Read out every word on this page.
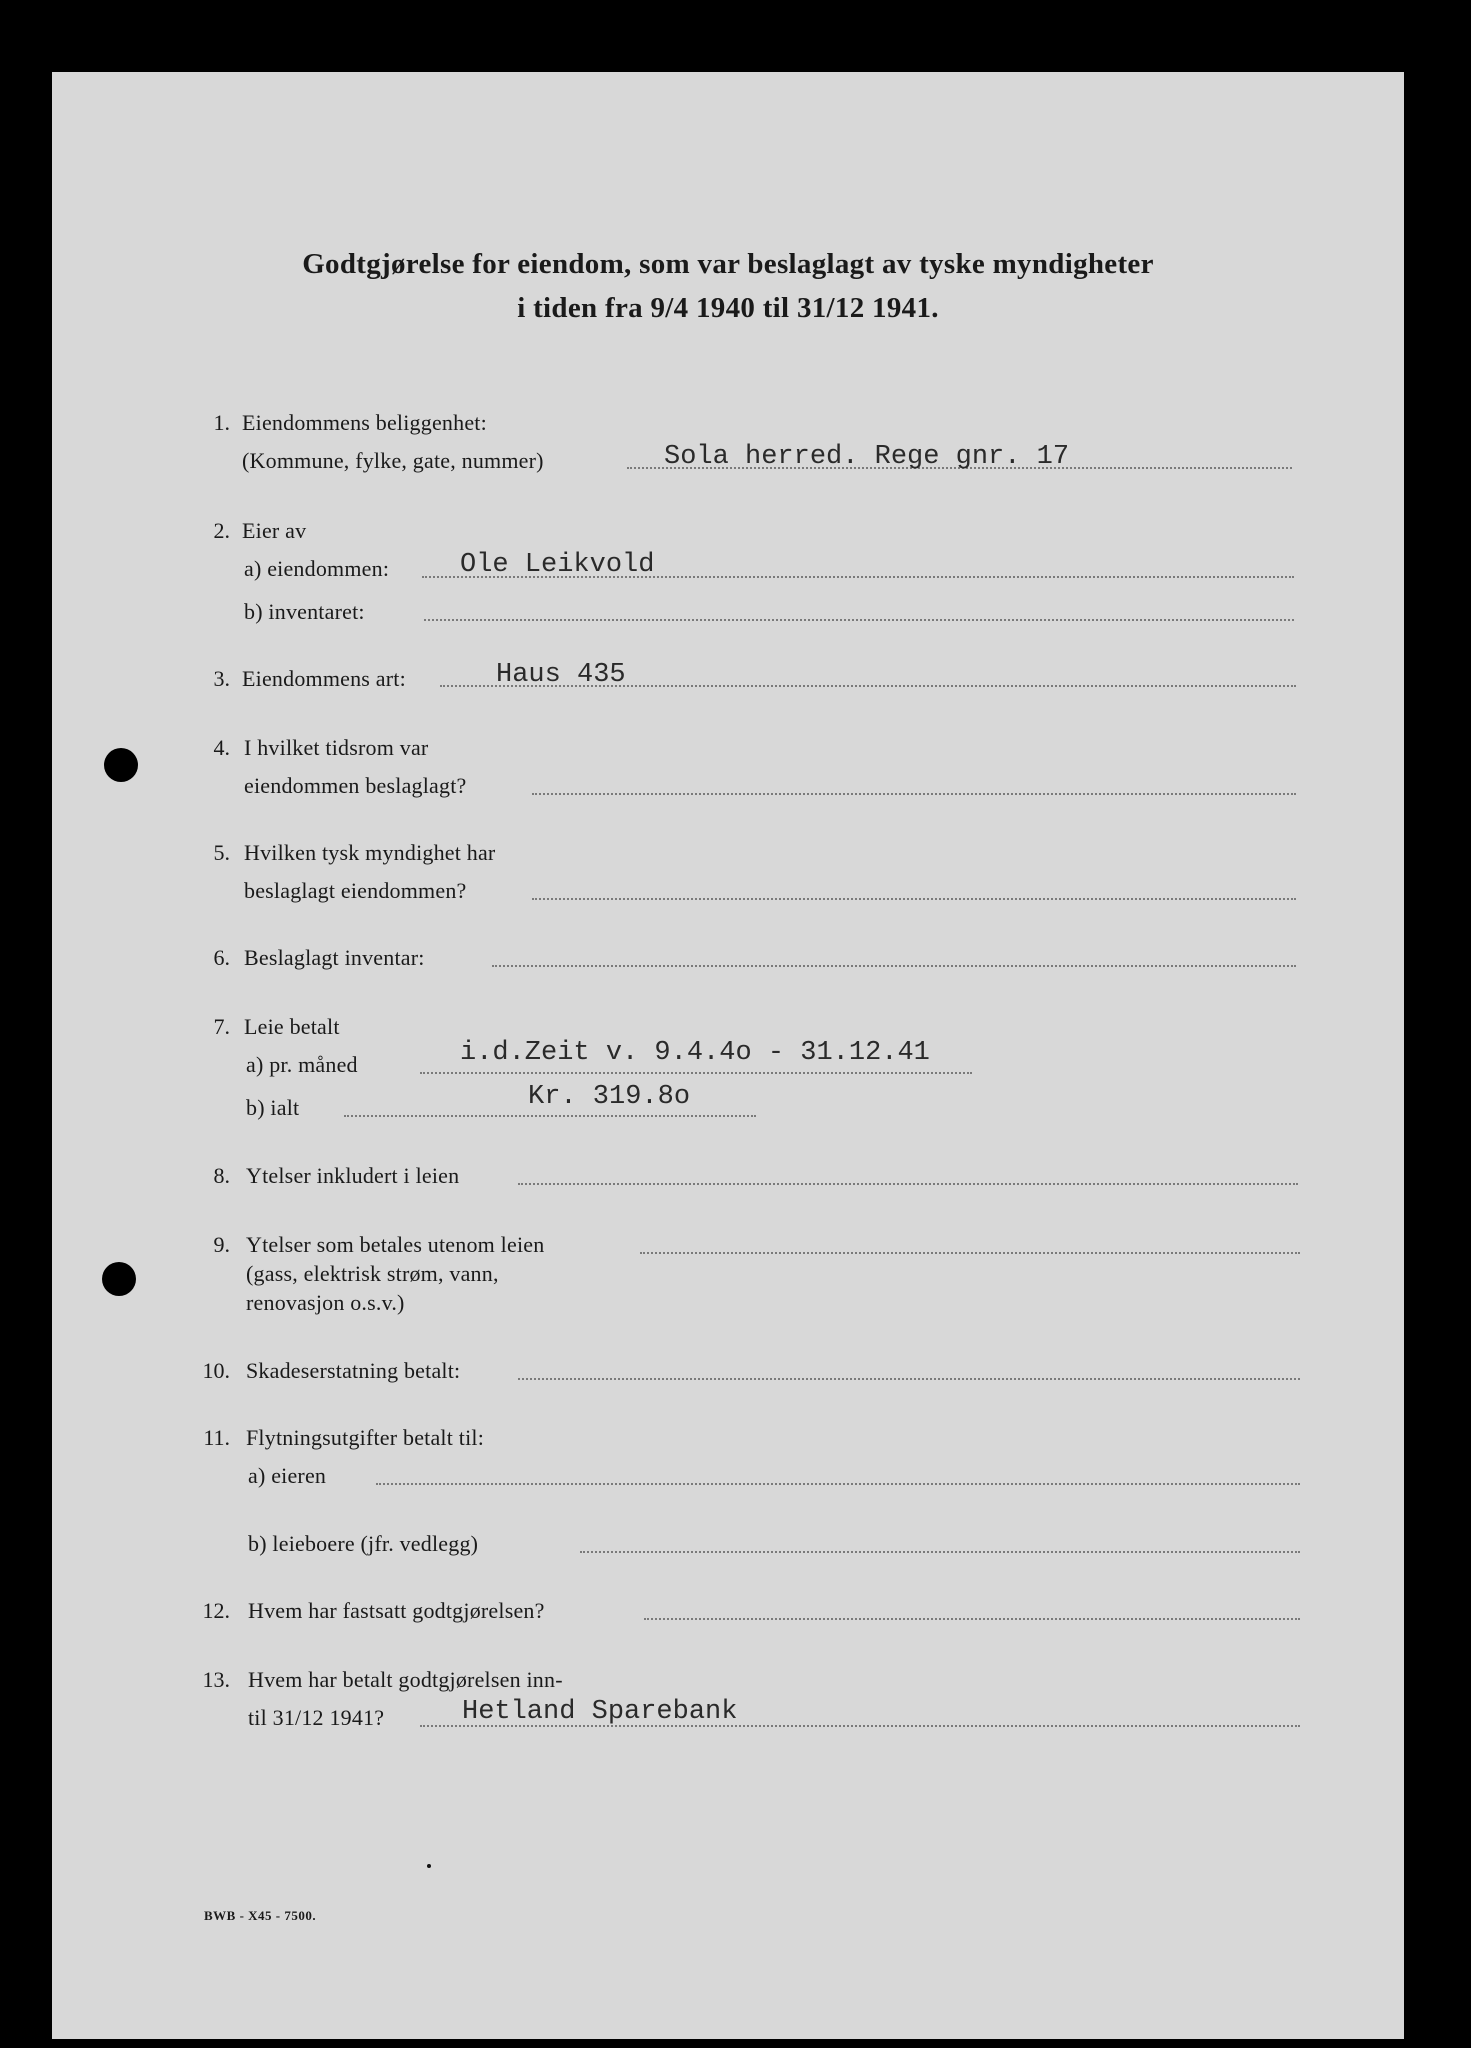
Godtgjørelse for eiendom, som var beslaglagt av tyske myndigheter
i tiden fra 9/4 1940 til 31/12 1941.
1. Eiendommens beliggenhet:
(Kommune, fylke, gate, nummer)	Sola herred. Rege gnr. 17
2. Eier av
a) eiendommen:	Ole Leikvold
b) inventaret:
3. Eiendommens art:	Haus 435
4. I hvilket tidsrom var
eiendommen beslaglagt?
5. Hvilken tysk myndighet har
beslaglagt eiendommen?
6. Beslaglagt inventar:
7. Leie betalt
a) pr. måned	i.d.Zeit v. 9.4.4o - 31.12.41
b) ialt	Kr. 319.8o
8. Ytelser inkludert i leien
9. Ytelser som betales utenom leien
(gass, elektrisk strøm, vann,
renovasjon o.s.v.)
10. Skadeserstatning betalt:
11. Flytningsutgifter betalt til:
a) eieren
b) leieboere (jfr. vedlegg)
12. Hvem har fastsatt godtgjørelsen?
13. Hvem har betalt godtgjørelsen inn-
til 31/12 1941?	Hetland Sparebank
BWB - X45 - 7500.
